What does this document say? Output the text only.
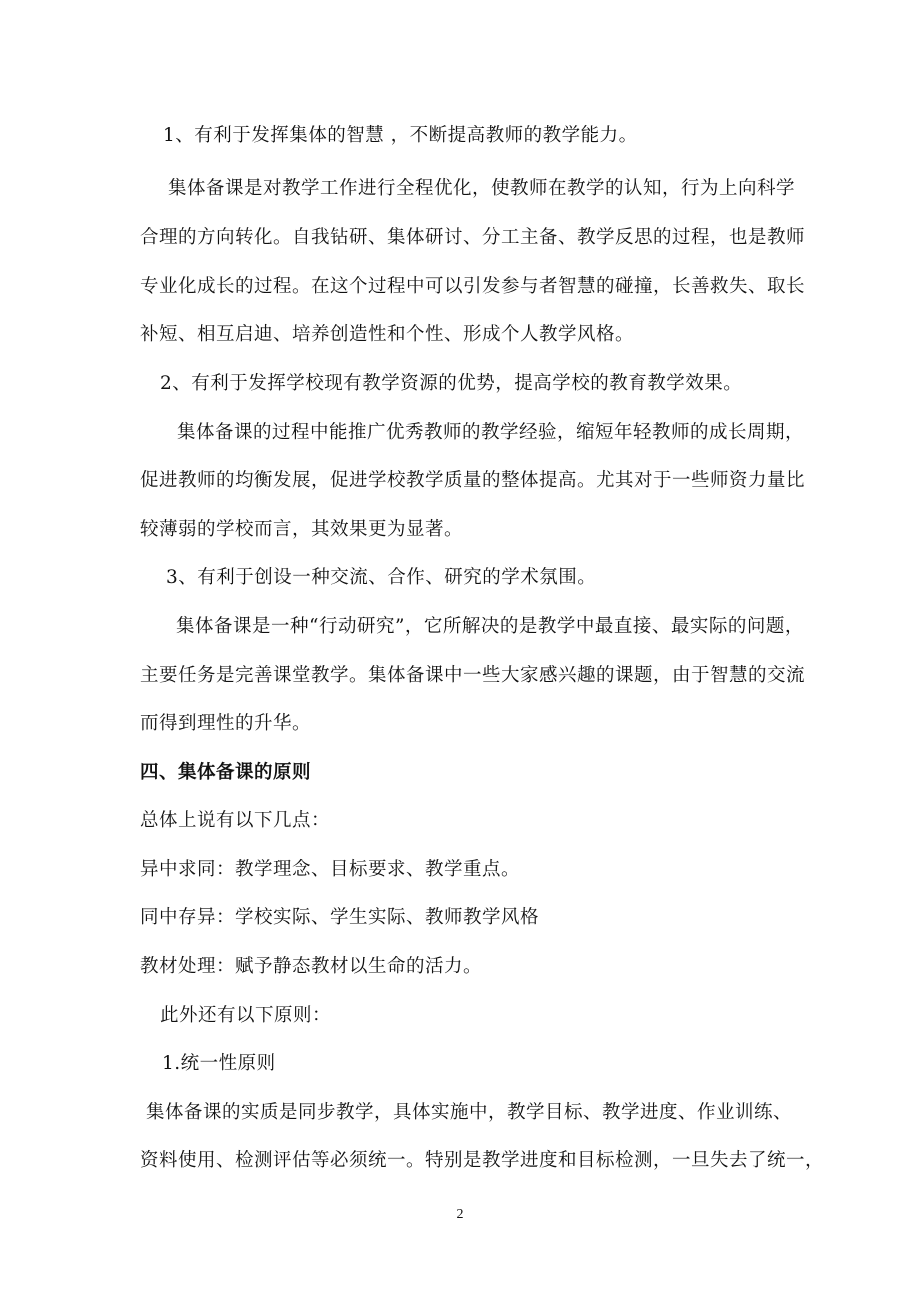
1、有利于发挥集体的智慧 ，不断提高教师的教学能力。

集体备课是对教学工作进行全程优化，使教师在教学的认知，行为上向科学

合理的方向转化。自我钻研、集体研讨、分工主备、教学反思的过程，也是教师

专业化成长的过程。在这个过程中可以引发参与者智慧的碰撞，长善救失、取长

补短、相互启迪、培养创造性和个性、形成个人教学风格。

2、有利于发挥学校现有教学资源的优势，提高学校的教育教学效果。

集体备课的过程中能推广优秀教师的教学经验，缩短年轻教师的成长周期，

促进教师的均衡发展，促进学校教学质量的整体提高。尤其对于一些师资力量比

较薄弱的学校而言，其效果更为显著。

3、有利于创设一种交流、合作、研究的学术氛围。

集体备课是一种“行动研究”，它所解决的是教学中最直接、最实际的问题，

主要任务是完善课堂教学。集体备课中一些大家感兴趣的课题，由于智慧的交流

而得到理性的升华。

四、集体备课的原则

总体上说有以下几点：

异中求同：教学理念、目标要求、教学重点。

同中存异：学校实际、学生实际、教师教学风格

教材处理：赋予静态教材以生命的活力。

此外还有以下原则：

1.统一性原则

集体备课的实质是同步教学，具体实施中，教学目标、教学进度、作业训练、

资料使用、检测评估等必须统一。特别是教学进度和目标检测，一旦失去了统一，

2
